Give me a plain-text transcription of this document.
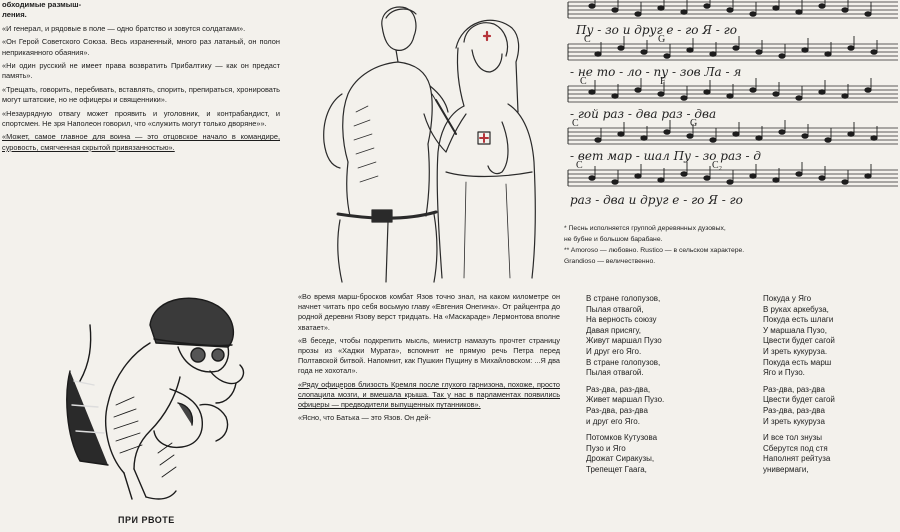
обходимые размыш-
ления.

«И генерал, и рядовые в поле — одно братство и зовутся солдатами».

«Он Герой Советского Союза. Весь израненный, много раз латаный, он полон неприкаянного обаяния».

«Ни один русский не имеет права возвратить Прибалтику — как он предаст память».

«Трещать, говорить, перебивать, вставлять, спорить, препираться, хронировать могут штатские, но не офицеры и священники».

«Незаурядную отвагу может проявить и уголовник, и контрабандист, и спортсмен. Не зря Наполеон говорил, что «служить могут только дворяне»».

«Может, самое главное для воина — это отцовское начало в командире, суровость, смягченная скрытой привязанностью».

ПРИ РВОТЕ

«Во время марш-бросков комбат Язов точно знал, на каком километре он начнет читать про себя восьмую главу «Евгения Онегина». От райцентра до родной деревни Язову верст тридцать. На «Маскараде» Лермонтова вполне хватает».

«В беседе, чтобы подкрепить мысль, министр намазуть прочтет страницу прозы из «Хаджи Мурата», вспомнит не прямую речь Петра перед Полтавской битвой. Напомнит, как Пушкин Пущину в Михайловском: ...Я два года не хохотал».

«Ряду офицеров близость Кремля после глухого гарнизона, похоже, просто слопацила мозги, и вмешала крыша. Так у нас в парламентах появились офицеры — предводители выпущенных путанников».

«Ясно, что Батька — это Язов. Он дей-

Пу - зо и друг е - го Я - го
- не то - ло - пу - зов Ла - я
- гой раз - два раз - два
- вет мар - шал Пу - зо раз - д
раз - два и друг е - го Я - го
C	G
C	F
C	G
C	C₂

* Песнь исполняется группой деревянных дузовых,

не бубне и большом барабане.

** Amoroso — любовно. Rustico — в сельском характере.

Grandioso — величественно.

В стране голопузов,
Пылая отвагой,
На верность союзу
Давая присягу,
Живут маршал Пузо
И друг его Яго.
В стране голопузов,
Пылая отвагой.
Раз-два, раз-два,
Живет маршал Пузо.
Раз-два, раз-два
и друг его Яго.
Потомков Кутузова
Пузо и Яго
Дрожат Сиракузы,
Трепещет Гаага,
Покуда у Яго
В руках аркебуза,
Покуда есть шлаги
У маршала Пузо,
Цвести будет сагой
И зреть кукуруза.
Покуда есть марш
Яго и Пузо.
Раз-два, раз-два
Цвести будет сагой
Раз-два, раз-два
И зреть кукуруза
И все тол знузы
Сберутся под стя
Наполнят рейтуза
универмаги,
